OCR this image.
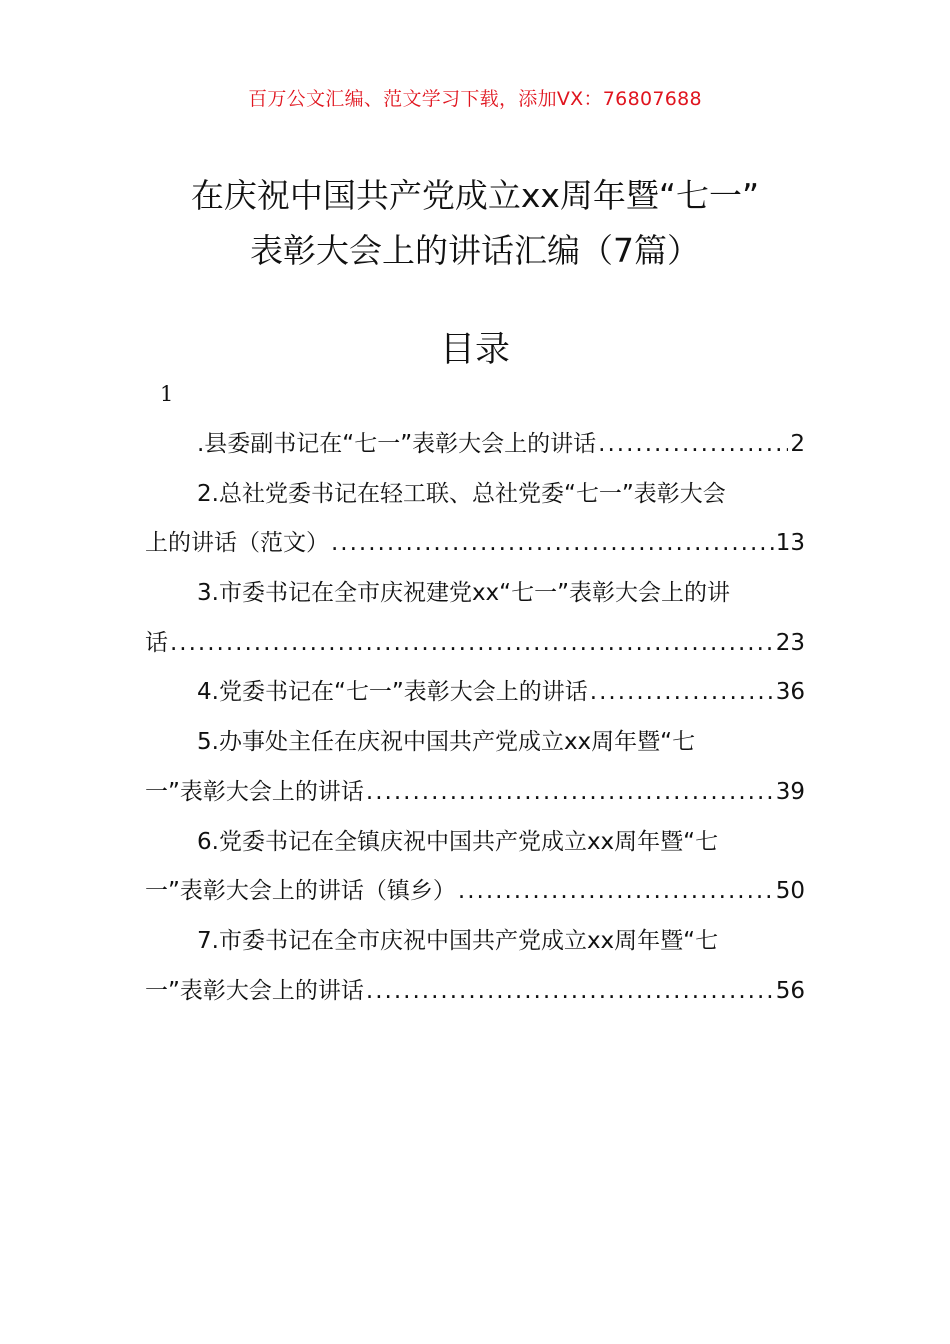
百万公文汇编、范文学习下载，添加VX：76807688
在庆祝中国共产党成立xx周年暨“七一”
表彰大会上的讲话汇编（7篇）
目录
1
.县委副书记在“七一”表彰大会上的讲话 .....	2
2.总社党委书记在轻工联、总社党委“七一”表彰大会
上的讲话（范文） .....	13
3.市委书记在全市庆祝建党xx“七一”表彰大会上的讲
话 .....	23
4.党委书记在“七一”表彰大会上的讲话 .....	36
5.办事处主任在庆祝中国共产党成立xx周年暨“七
一”表彰大会上的讲话 .....	39
6.党委书记在全镇庆祝中国共产党成立xx周年暨“七
一”表彰大会上的讲话（镇乡） .....	50
7.市委书记在全市庆祝中国共产党成立xx周年暨“七
一”表彰大会上的讲话 .....	56
